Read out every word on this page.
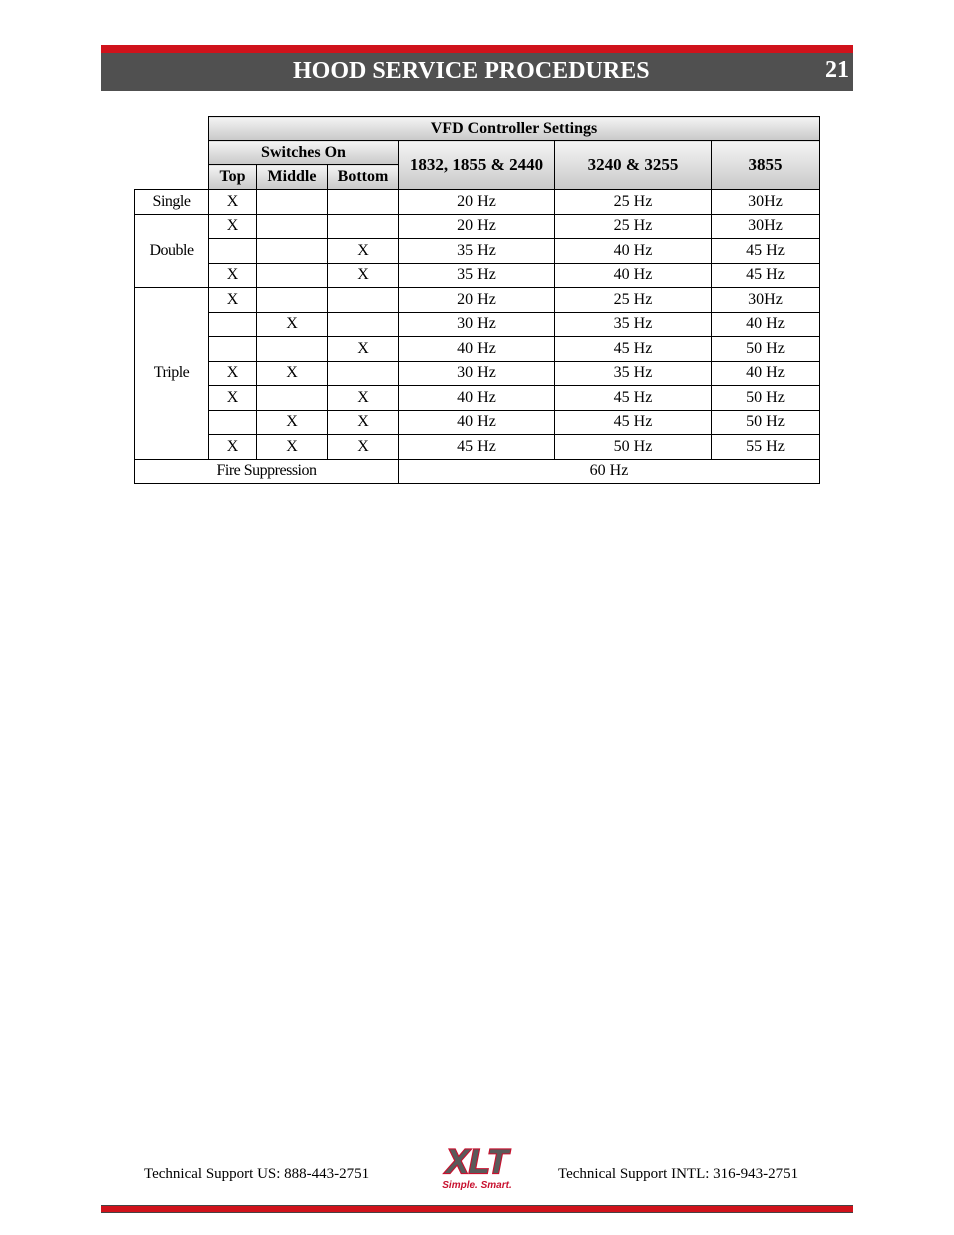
HOOD SERVICE PROCEDURES	21
	VFD Controller Settings					
	Switches On			1832, 1855 & 2440	3240 & 3255	3855
	Top	Middle	Bottom			
Single	X			20 Hz	25 Hz	30Hz
Double	X			20 Hz	25 Hz	30Hz
			X	35 Hz	40 Hz	45 Hz
	X		X	35 Hz	40 Hz	45 Hz
Triple	X			20 Hz	25 Hz	30Hz
		X		30 Hz	35 Hz	40 Hz
			X	40 Hz	45 Hz	50 Hz
	X	X		30 Hz	35 Hz	40 Hz
	X		X	40 Hz	45 Hz	50 Hz
		X	X	40 Hz	45 Hz	50 Hz
	X	X	X	45 Hz	50 Hz	55 Hz
Fire Suppression				60 Hz		
Technical Support US: 888-443-2751 XLT
Simple. Smart.
Technical Support INTL: 316-943-2751
